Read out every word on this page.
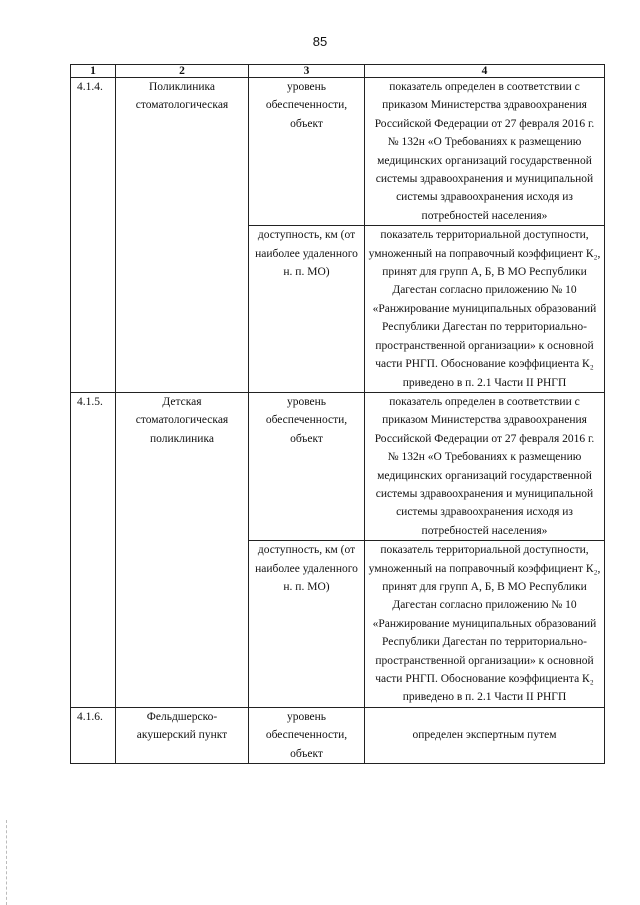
85
1	2	3	4
4.1.4.	Поликлиника стоматологическая	уровень обеспеченности, объект	показатель определен в соответствии с приказом Министерства здравоохранения Российской Федерации от 27 февраля 2016 г. № 132н «О Требованиях к размещению медицинских организаций государственной системы здравоохранения и муниципальной системы здравоохранения исходя из потребностей населения»
		доступность, км (от наиболее удаленного н. п. МО)	показатель территориальной доступности, умноженный на поправочный коэффициент К₂, принят для групп А, Б, В МО Республики Дагестан согласно приложению № 10 «Ранжирование муниципальных образований Республики Дагестан по территориально-пространственной организации» к основной части РНГП. Обоснование коэффициента К₂ приведено в п. 2.1 Части II РНГП
4.1.5.	Детская стоматологическая поликлиника	уровень обеспеченности, объект	показатель определен в соответствии с приказом Министерства здравоохранения Российской Федерации от 27 февраля 2016 г. № 132н «О Требованиях к размещению медицинских организаций государственной системы здравоохранения и муниципальной системы здравоохранения исходя из потребностей населения»
		доступность, км (от наиболее удаленного н. п. МО)	показатель территориальной доступности, умноженный на поправочный коэффициент К₂, принят для групп А, Б, В МО Республики Дагестан согласно приложению № 10 «Ранжирование муниципальных образований Республики Дагестан по территориально-пространственной организации» к основной части РНГП. Обоснование коэффициента К₂ приведено в п. 2.1 Части II РНГП
4.1.6.	Фельдшерско-акушерский пункт	уровень обеспеченности, объект	определен экспертным путем
